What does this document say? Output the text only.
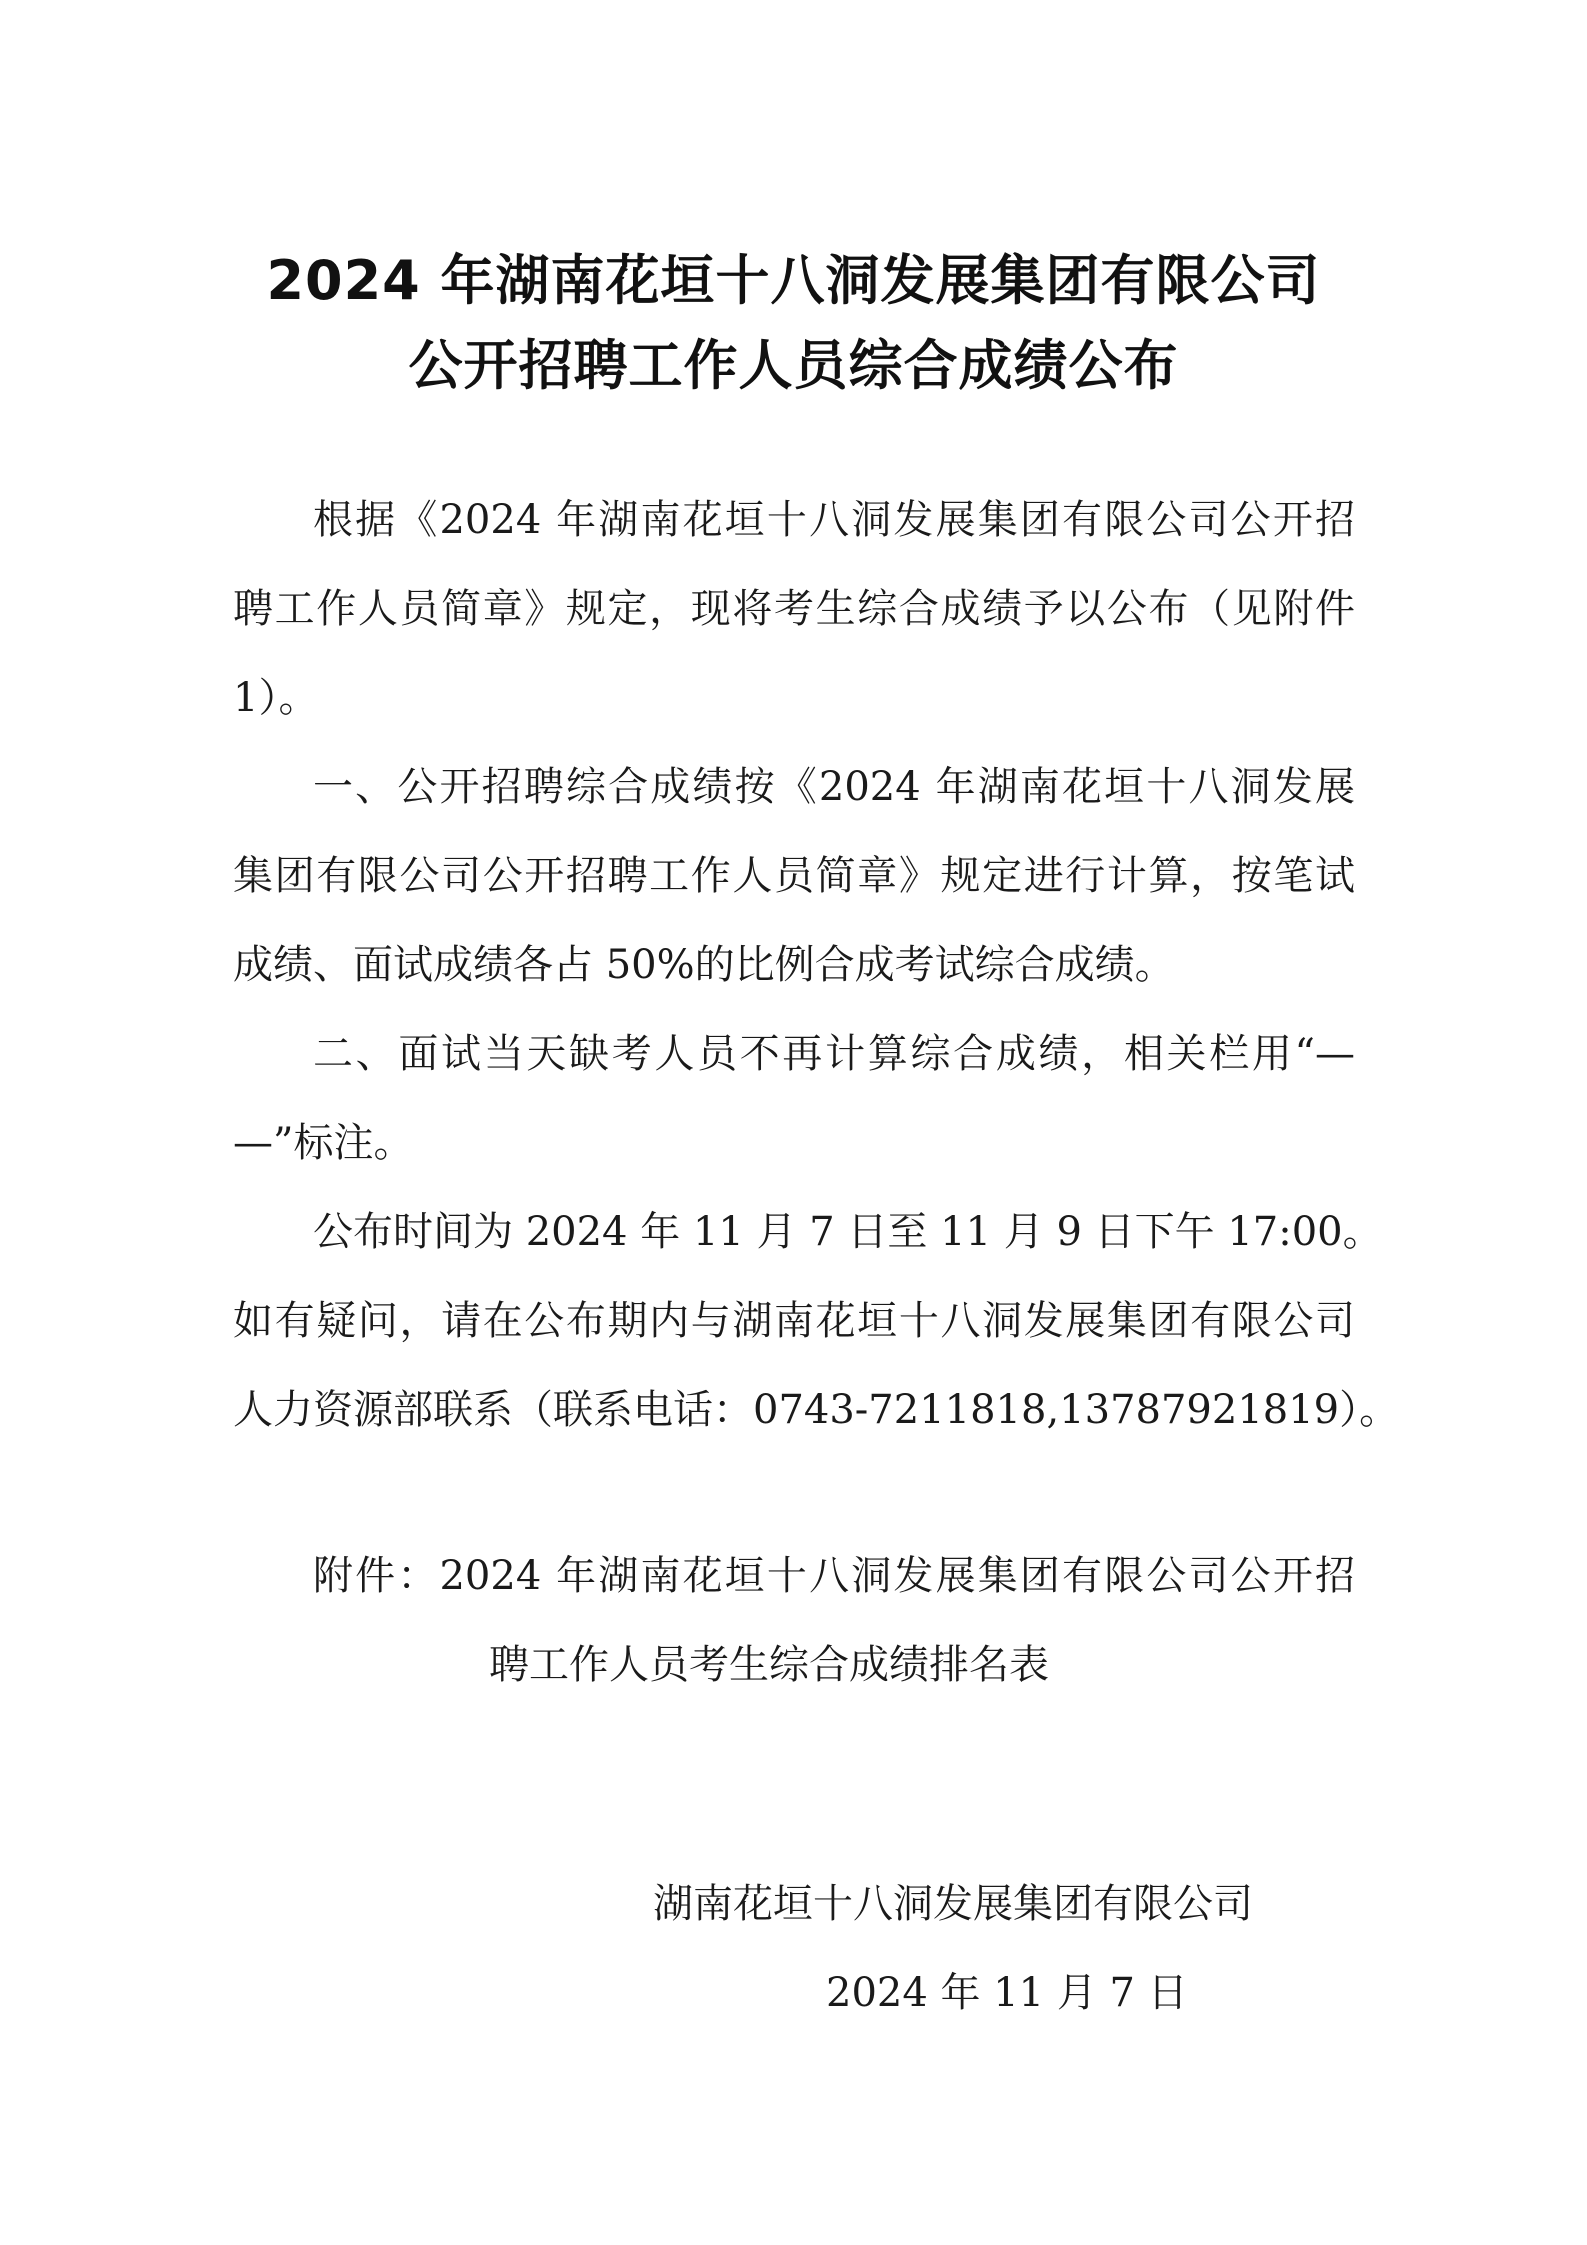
2024 年湖南花垣十八洞发展集团有限公司
公开招聘工作人员综合成绩公布
根据《2024 年湖南花垣十八洞发展集团有限公司公开招
聘工作人员简章》规定，现将考生综合成绩予以公布（见附件
1）。
一、公开招聘综合成绩按《2024 年湖南花垣十八洞发展
集团有限公司公开招聘工作人员简章》规定进行计算，按笔试
成绩、面试成绩各占 50%的比例合成考试综合成绩。
二、面试当天缺考人员不再计算综合成绩，相关栏用“—
—”标注。
公布时间为 2024 年 11 月 7 日至 11 月 9 日下午 17:00。
如有疑问，请在公布期内与湖南花垣十八洞发展集团有限公司
人力资源部联系（联系电话：0743-7211818,13787921819）。
附件：2024 年湖南花垣十八洞发展集团有限公司公开招
聘工作人员考生综合成绩排名表
湖南花垣十八洞发展集团有限公司
2024 年 11 月 7 日
